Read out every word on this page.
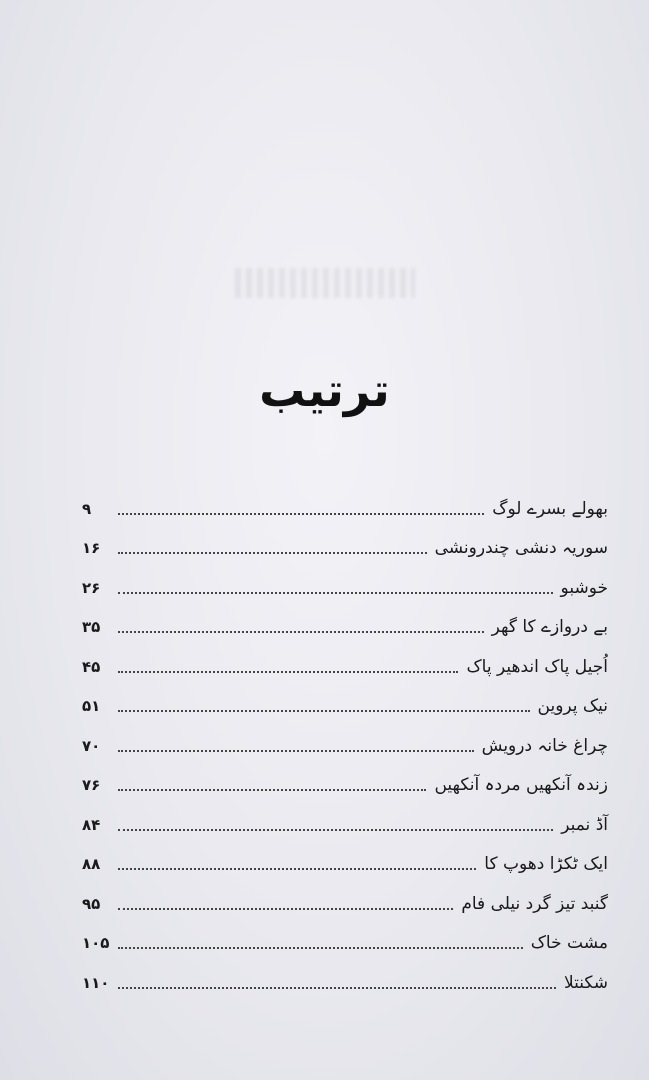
ترتیب
بھولے بسرے لوگ
۹
سوریہ دنشی چندرونشی
۱۶
خوشبو
۲۶
بے دروازے کا گھر
۳۵
اُجیل پاک اندھیر پاک
۴۵
نیک پروین
۵۱
چراغ خانہ درویش
۷۰
زندہ آنکھیں مردہ آنکھیں
۷۶
آڈ نمبر
۸۴
ایک ٹکڑا دھوپ کا
۸۸
گنبد تیز گرد نیلی فام
۹۵
مشت خاک
۱۰۵
شکنتلا
۱۱۰
